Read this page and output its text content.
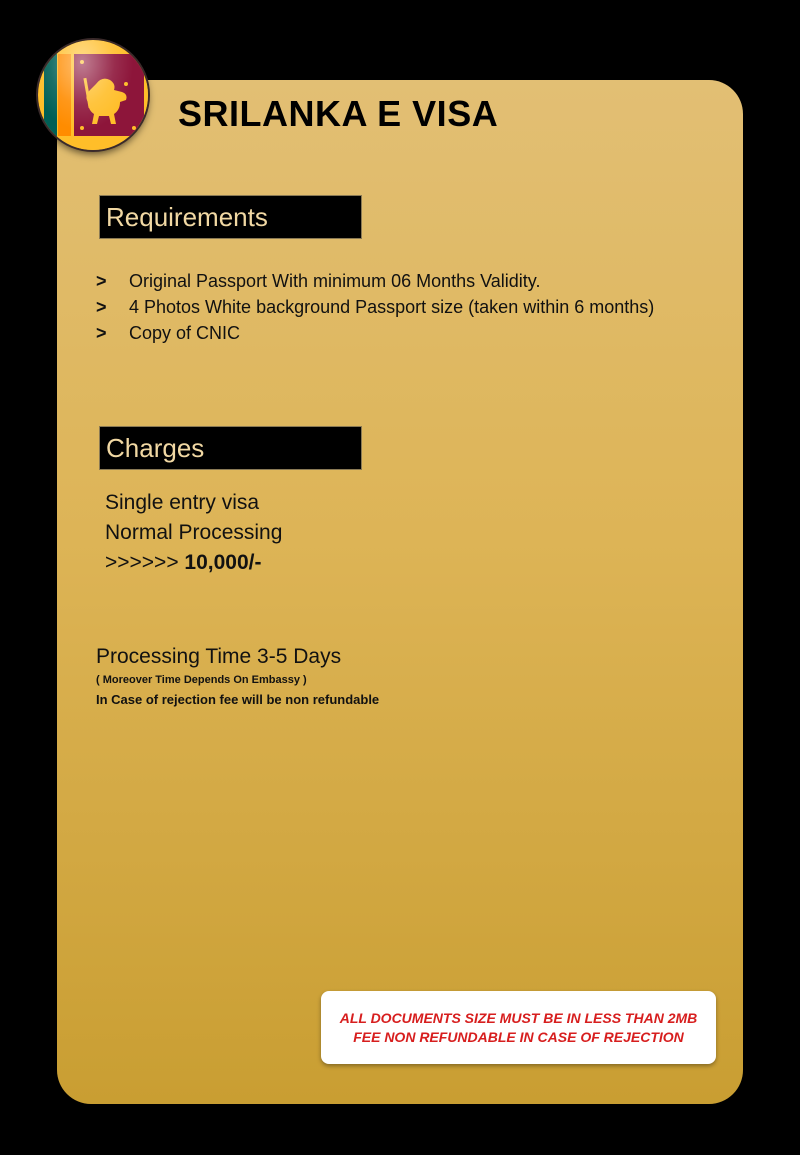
SRILANKA E VISA
Requirements
>	Original Passport With minimum 06 Months Validity.
>	4 Photos White background Passport size (taken within 6 months)
>	Copy of CNIC
Charges
Single entry visa
Normal Processing
>>>>>> 10,000/-
Processing Time 3-5 Days
( Moreover Time Depends On Embassy )
In Case of rejection fee will be non refundable
ALL DOCUMENTS SIZE MUST BE IN LESS THAN 2MB
FEE NON REFUNDABLE IN CASE OF REJECTION
